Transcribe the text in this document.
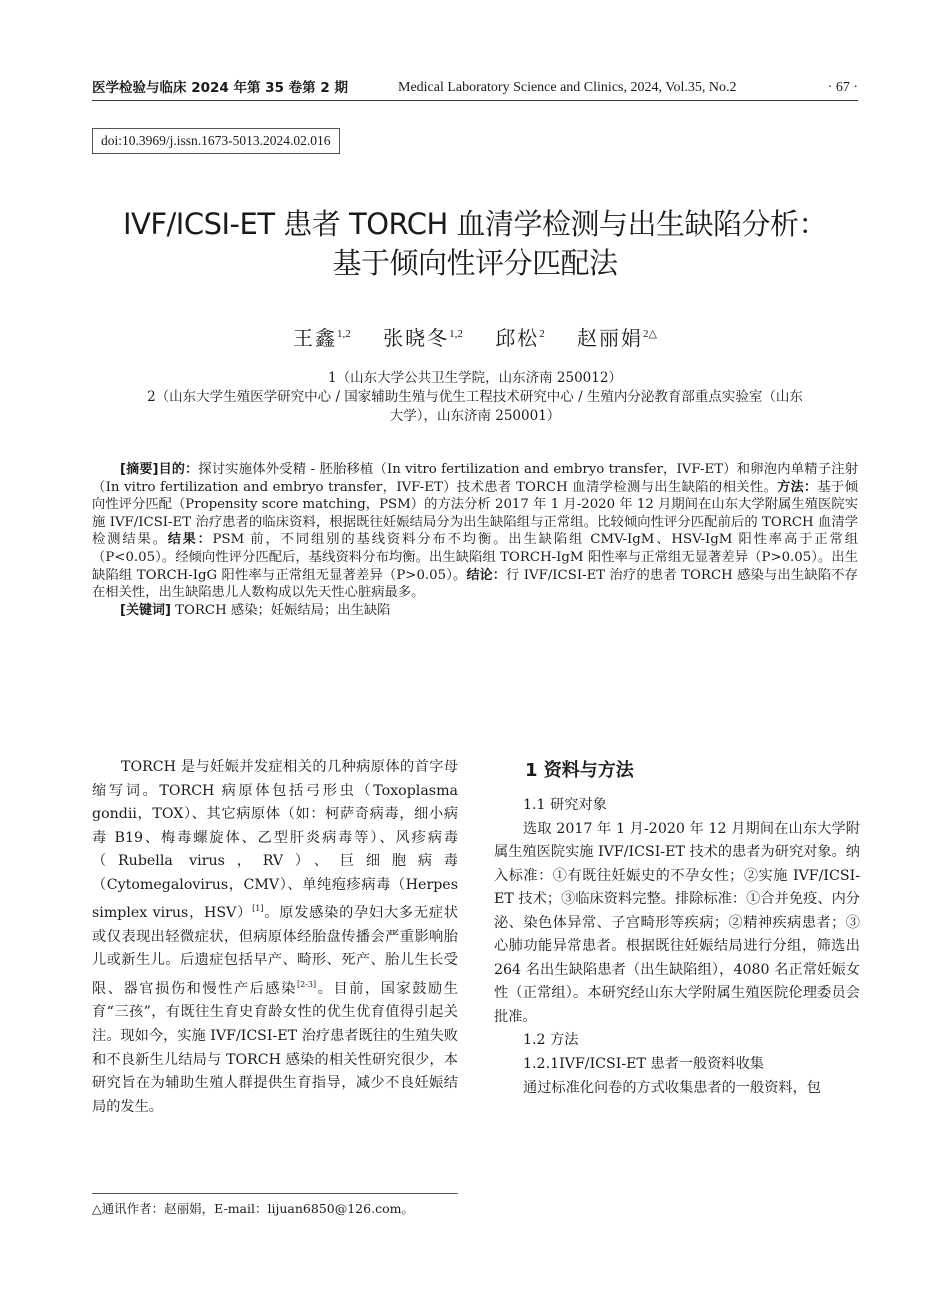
医学检验与临床 2024 年第 35 卷第 2 期	Medical Laboratory Science and Clinics, 2024, Vol.35, No.2	· 67 ·
doi:10.3969/j.issn.1673-5013.2024.02.016
IVF/ICSI-ET 患者 TORCH 血清学检测与出生缺陷分析：
基于倾向性评分匹配法
王鑫$^{1,2}$ 张晓冬$^{1,2}$ 邱松$^2$ 赵丽娟$^{2\triangle}$
1（山东大学公共卫生学院，山东济南 250012）
2（山东大学生殖医学研究中心 / 国家辅助生殖与优生工程技术研究中心 / 生殖内分泌教育部重点实验室（山东
大学），山东济南 250001）

[摘要]目的：探讨实施体外受精 - 胚胎移植（In vitro fertilization and embryo transfer，IVF-ET）和卵泡内单精子注射（In vitro fertilization and embryo transfer，IVF-ET）技术患者 TORCH 血清学检测与出生缺陷的相关性。方法：基于倾向性评分匹配（Propensity score matching，PSM）的方法分析 2017 年 1 月-2020 年 12 月期间在山东大学附属生殖医院实施 IVF/ICSI-ET 治疗患者的临床资料，根据既往妊娠结局分为出生缺陷组与正常组。比较倾向性评分匹配前后的 TORCH 血清学检测结果。结果：PSM 前，不同组别的基线资料分布不均衡。出生缺陷组 CMV-IgM、HSV-IgM 阳性率高于正常组（P<0.05）。经倾向性评分匹配后，基线资料分布均衡。出生缺陷组 TORCH-IgM 阳性率与正常组无显著差异（P>0.05）。出生缺陷组 TORCH-IgG 阳性率与正常组无显著差异（P>0.05）。结论：行 IVF/ICSI-ET 治疗的患者 TORCH 感染与出生缺陷不存在相关性，出生缺陷患儿人数构成以先天性心脏病最多。

[关键词] TORCH 感染；妊娠结局；出生缺陷

TORCH 是与妊娠并发症相关的几种病原体的首字母缩写词。TORCH 病原体包括弓形虫（Toxoplasma gondii，TOX）、其它病原体（如：柯萨奇病毒，细小病毒 B19、梅毒螺旋体、乙型肝炎病毒等）、风疹病毒（Rubella virus，RV）、巨细胞病毒（Cytomegalovirus，CMV）、单纯疱疹病毒（Herpes simplex virus，HSV）[1]。原发感染的孕妇大多无症状或仅表现出轻微症状，但病原体经胎盘传播会严重影响胎儿或新生儿。后遗症包括早产、畸形、死产、胎儿生长受限、器官损伤和慢性产后感染[2-3]。目前，国家鼓励生育“三孩”，有既往生育史育龄女性的优生优育值得引起关注。现如今，实施 IVF/ICSI-ET 治疗患者既往的生殖失败和不良新生儿结局与 TORCH 感染的相关性研究很少，本研究旨在为辅助生殖人群提供生育指导，减少不良妊娠结局的发生。

1 资料与方法

1.1 研究对象

选取 2017 年 1 月-2020 年 12 月期间在山东大学附属生殖医院实施 IVF/ICSI-ET 技术的患者为研究对象。纳入标准：①有既往妊娠史的不孕女性；②实施 IVF/ICSI-ET 技术；③临床资料完整。排除标准：①合并免疫、内分泌、染色体异常、子宫畸形等疾病；②精神疾病患者；③心肺功能异常患者。根据既往妊娠结局进行分组，筛选出 264 名出生缺陷患者（出生缺陷组），4080 名正常妊娠女性（正常组）。本研究经山东大学附属生殖医院伦理委员会批准。

1.2 方法

1.2.1IVF/ICSI-ET 患者一般资料收集

通过标准化问卷的方式收集患者的一般资料，包

△通讯作者：赵丽娟，E-mail：lijuan6850@126.com。
